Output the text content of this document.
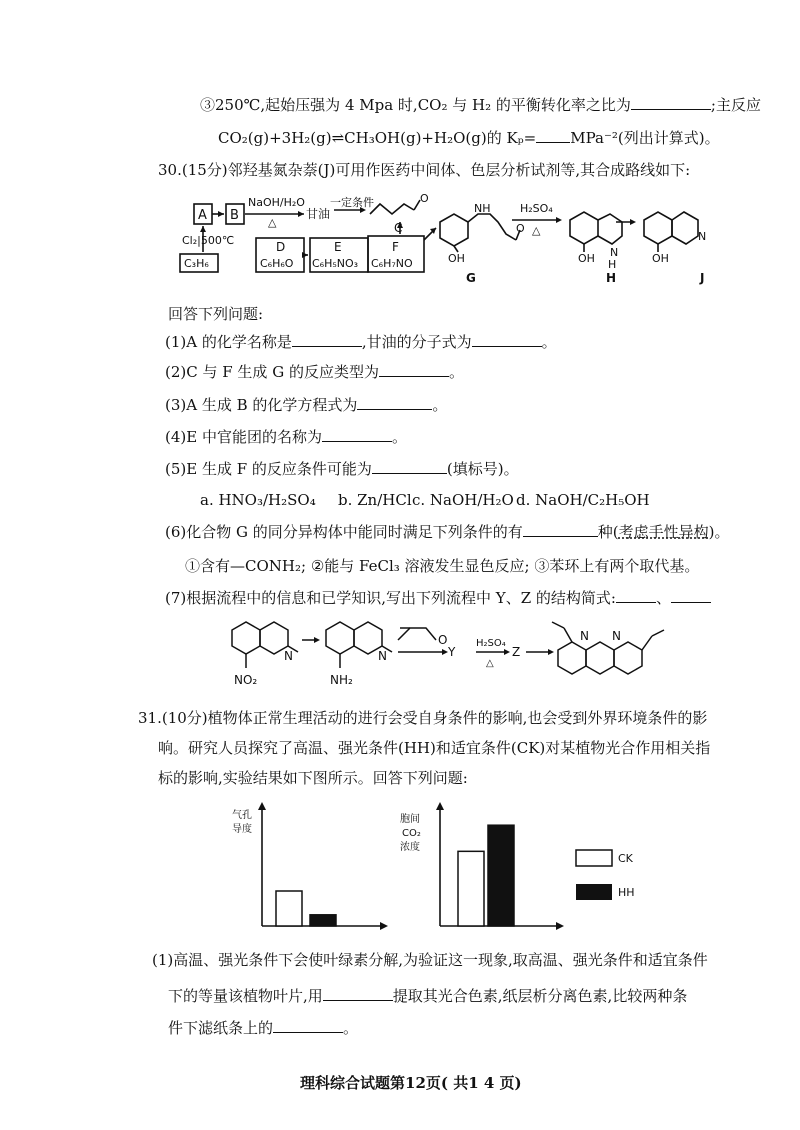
③250℃,起始压强为 4 Mpa 时,CO₂ 与 H₂ 的平衡转化率之比为	;主反应
CO₂(g)+3H₂(g)⇌CH₃OH(g)+H₂O(g)的 Kₚ= MPa⁻²(列出计算式)。
30.(15分)邻羟基氮杂萘(J)可用作医药中间体、色层分析试剂等,其合成路线如下:
A B
NaOH/H₂O
△
甘油
一定条件
Cl₂|500℃
C₃H₆
D
C₆H₆O
E
C₆H₅NO₃
F
C₆H₇NO
C
O
NH
O
OH
G
H₂SO₄
△
OH N
H
H
N
OH
J
回答下列问题:
(1)A 的化学名称是	,甘油的分子式为	。
(2)C 与 F 生成 G 的反应类型为	。
(3)A 生成 B 的化学方程式为	。
(4)E 中官能团的名称为	。
(5)E 生成 F 的反应条件可能为	(填标号)。
a. HNO₃/H₂SO₄ b. Zn/HCl c. NaOH/H₂O d. NaOH/C₂H₅OH
(6)化合物 G 的同分异构体中能同时满足下列条件的有	种(考虑手性异构)。
①含有—CONH₂; ②能与 FeCl₃ 溶液发生显色反应; ③苯环上有两个取代基。
(7)根据流程中的信息和已学知识,写出下列流程中 Y、Z 的结构简式:	、
N
NO₂
N
NH₂
O
Y
H₂SO₄
△
Z
N N
31.(10分)植物体正常生理活动的进行会受自身条件的影响,也会受到外界环境条件的影
响。研究人员探究了高温、强光条件(HH)和适宜条件(CK)对某植物光合作用相关指
标的影响,实验结果如下图所示。回答下列问题:
气孔
导度
胞间
CO₂
浓度
CK
HH
(1)高温、强光条件下会使叶绿素分解,为验证这一现象,取高温、强光条件和适宜条件
下的等量该植物叶片,用	提取其光合色素,纸层析分离色素,比较两种条
件下滤纸条上的	。
理科综合试题第12页( 共1 4 页)
